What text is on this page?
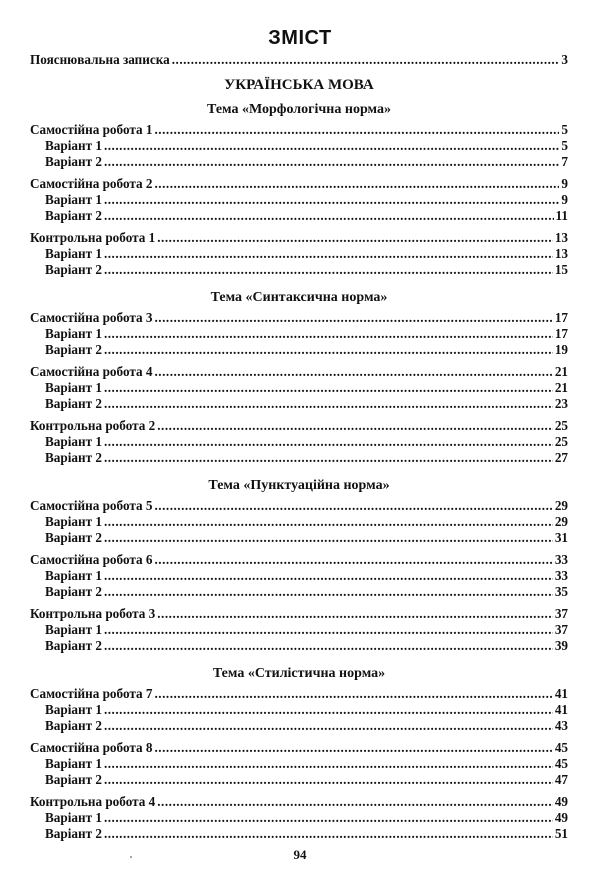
ЗМІСТ
Пояснювальна записка .....	3
УКРАЇНСЬКА МОВА
Тема «Морфологічна норма»
Самостійна робота 1 .....	5
Варіант 1 .....	5
Варіант 2 .....	7
Самостійна робота 2 .....	9
Варіант 1 .....	9
Варіант 2 .....	11
Контрольна робота 1 .....	13
Варіант 1 .....	13
Варіант 2 .....	15
Тема «Синтаксична норма»
Самостійна робота 3 .....	17
Варіант 1 .....	17
Варіант 2 .....	19
Самостійна робота 4 .....	21
Варіант 1 .....	21
Варіант 2 .....	23
Контрольна робота 2 .....	25
Варіант 1 .....	25
Варіант 2 .....	27
Тема «Пунктуаційна норма»
Самостійна робота 5 .....	29
Варіант 1 .....	29
Варіант 2 .....	31
Самостійна робота 6 .....	33
Варіант 1 .....	33
Варіант 2 .....	35
Контрольна робота 3 .....	37
Варіант 1 .....	37
Варіант 2 .....	39
Тема «Стилістична норма»
Самостійна робота 7 .....	41
Варіант 1 .....	41
Варіант 2 .....	43
Самостійна робота 8 .....	45
Варіант 1 .....	45
Варіант 2 .....	47
Контрольна робота 4 .....	49
Варіант 1 .....	49
Варіант 2 .....	51
94
